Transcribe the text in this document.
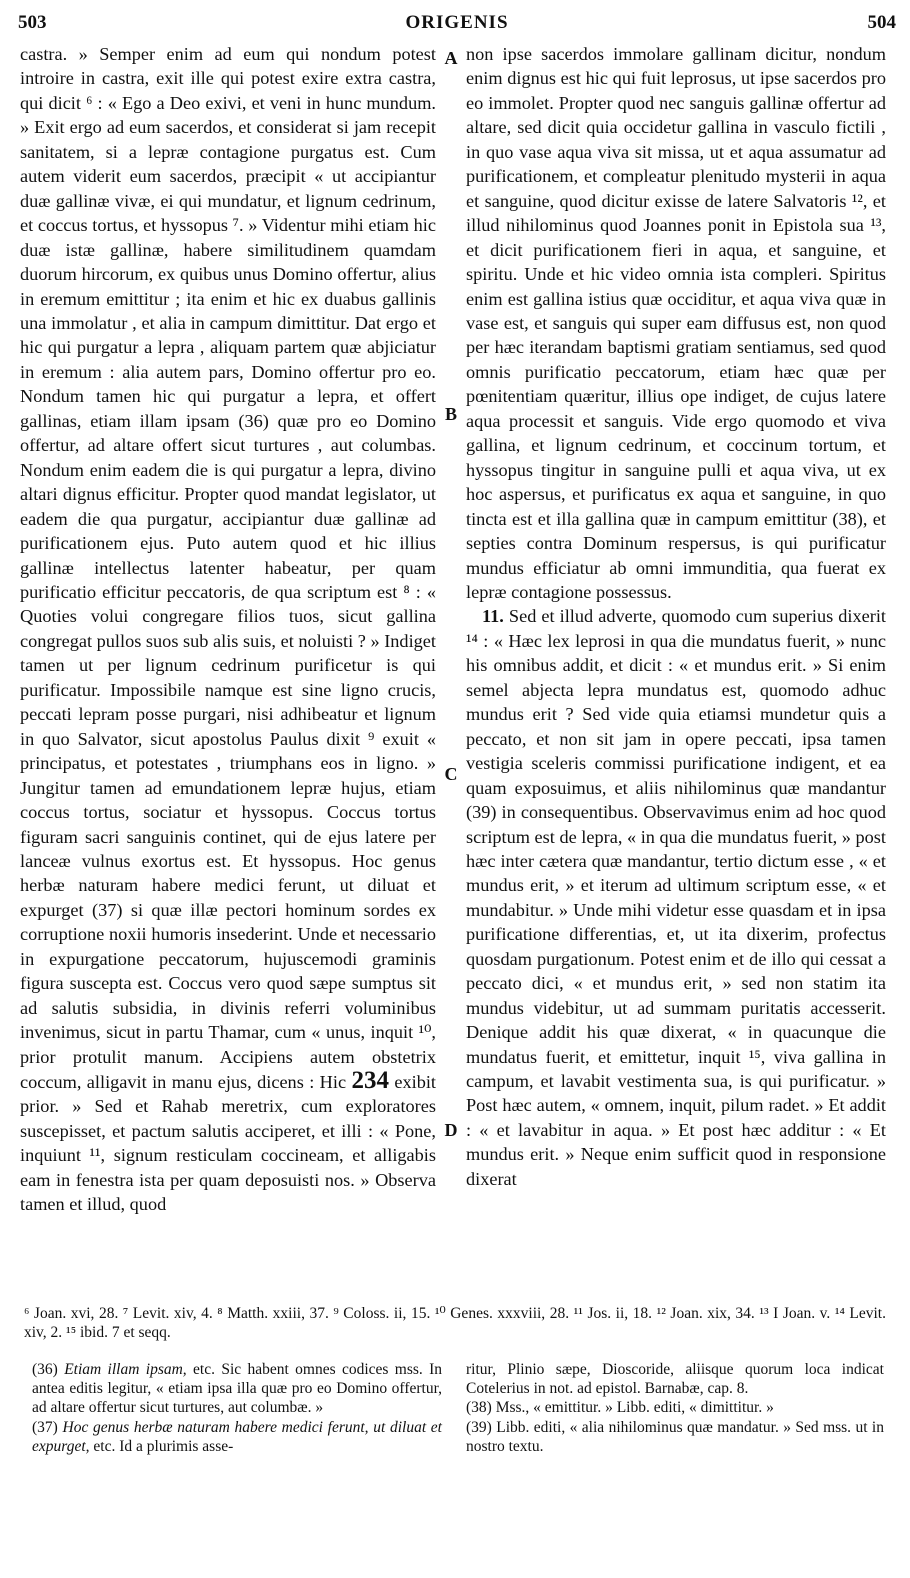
503	ORIGENIS	504

castra. » Semper enim ad eum qui nondum potest introire in castra, exit ille qui potest exire extra castra, qui dicit ⁶ : « Ego a Deo exivi, et veni in hunc mundum. » Exit ergo ad eum sacerdos, et considerat si jam recepit sanitatem, si a lepræ contagione purgatus est. Cum autem viderit eum sacerdos, præcipit « ut accipiantur duæ gallinæ vivæ, ei qui mundatur, et lignum cedrinum, et coccus tortus, et hyssopus ⁷. » Videntur mihi etiam hic duæ istæ gallinæ, habere similitudinem quamdam duorum hircorum, ex quibus unus Domino offertur, alius in eremum emittitur ; ita enim et hic ex duabus gallinis una immolatur , et alia in campum dimittitur. Dat ergo et hic qui purgatur a lepra , aliquam partem quæ abjiciatur in eremum : alia autem pars, Domino offertur pro eo. Nondum tamen hic qui purgatur a lepra, et offert gallinas, etiam illam ipsam (36) quæ pro eo Domino offertur, ad altare offert sicut turtures , aut columbas. Nondum enim eadem die is qui purgatur a lepra, divino altari dignus efficitur. Propter quod mandat legislator, ut eadem die qua purgatur, accipiantur duæ gallinæ ad purificationem ejus. Puto autem quod et hic illius gallinæ intellectus latenter habeatur, per quam purificatio efficitur peccatoris, de qua scriptum est ⁸ : « Quoties volui congregare filios tuos, sicut gallina congregat pullos suos sub alis suis, et noluisti ? » Indiget tamen ut per lignum cedrinum purificetur is qui purificatur. Impossibile namque est sine ligno crucis, peccati lepram posse purgari, nisi adhibeatur et lignum in quo Salvator, sicut apostolus Paulus dixit ⁹ exuit « principatus, et potestates , triumphans eos in ligno. » Jungitur tamen ad emundationem lepræ hujus, etiam coccus tortus, sociatur et hyssopus. Coccus tortus figuram sacri sanguinis continet, qui de ejus latere per lanceæ vulnus exortus est. Et hyssopus. Hoc genus herbæ naturam habere medici ferunt, ut diluat et expurget (37) si quæ illæ pectori hominum sordes ex corruptione noxii humoris insederint. Unde et necessario in expurgatione peccatorum, hujuscemodi graminis figura suscepta est. Coccus vero quod sæpe sumptus sit ad salutis subsidia, in divinis referri voluminibus invenimus, sicut in partu Thamar, cum « unus, inquit ¹⁰, prior protulit manum. Accipiens autem obstetrix coccum, alligavit in manu ejus, dicens : Hic 234 exibit prior. » Sed et Rahab meretrix, cum exploratores suscepisset, et pactum salutis acciperet, et illi : « Pone, inquiunt ¹¹, signum resticulam coccineam, et alligabis eam in fenestra ista per quam deposuisti nos. » Observa tamen et illud, quod

A
B
C
D

non ipse sacerdos immolare gallinam dicitur, nondum enim dignus est hic qui fuit leprosus, ut ipse sacerdos pro eo immolet. Propter quod nec sanguis gallinæ offertur ad altare, sed dicit quia occidetur gallina in vasculo fictili , in quo vase aqua viva sit missa, ut et aqua assumatur ad purificationem, et compleatur plenitudo mysterii in aqua et sanguine, quod dicitur exisse de latere Salvatoris ¹², et illud nihilominus quod Joannes ponit in Epistola sua ¹³, et dicit purificationem fieri in aqua, et sanguine, et spiritu. Unde et hic video omnia ista compleri. Spiritus enim est gallina istius quæ occiditur, et aqua viva quæ in vase est, et sanguis qui super eam diffusus est, non quod per hæc iterandam baptismi gratiam sentiamus, sed quod omnis purificatio peccatorum, etiam hæc quæ per pœnitentiam quæritur, illius ope indiget, de cujus latere aqua processit et sanguis. Vide ergo quomodo et viva gallina, et lignum cedrinum, et coccinum tortum, et hyssopus tingitur in sanguine pulli et aqua viva, ut ex hoc aspersus, et purificatus ex aqua et sanguine, in quo tincta est et illa gallina quæ in campum emittitur (38), et septies contra Dominum respersus, is qui purificatur mundus efficiatur ab omni immunditia, qua fuerat ex lepræ contagione possessus.

11. Sed et illud adverte, quomodo cum superius dixerit ¹⁴ : « Hæc lex leprosi in qua die mundatus fuerit, » nunc his omnibus addit, et dicit : « et mundus erit. » Si enim semel abjecta lepra mundatus est, quomodo adhuc mundus erit ? Sed vide quia etiamsi mundetur quis a peccato, et non sit jam in opere peccati, ipsa tamen vestigia sceleris commissi purificatione indigent, et ea quam exposuimus, et aliis nihilominus quæ mandantur (39) in consequentibus. Observavimus enim ad hoc quod scriptum est de lepra, « in qua die mundatus fuerit, » post hæc inter cætera quæ mandantur, tertio dictum esse , « et mundus erit, » et iterum ad ultimum scriptum esse, « et mundabitur. » Unde mihi videtur esse quasdam et in ipsa purificatione differentias, et, ut ita dixerim, profectus quosdam purgationum. Potest enim et de illo qui cessat a peccato dici, « et mundus erit, » sed non statim ita mundus videbitur, ut ad summam puritatis accesserit. Denique addit his quæ dixerat, « in quacunque die mundatus fuerit, et emittetur, inquit ¹⁵, viva gallina in campum, et lavabit vestimenta sua, is qui purificatur. » Post hæc autem, « omnem, inquit, pilum radet. » Et addit : « et lavabitur in aqua. » Et post hæc additur : « Et mundus erit. » Neque enim sufficit quod in responsione dixerat

⁶ Joan. xvi, 28. ⁷ Levit. xiv, 4. ⁸ Matth. xxiii, 37. ⁹ Coloss. ii, 15. ¹⁰ Genes. xxxviii, 28. ¹¹ Jos. ii, 18. ¹² Joan. xix, 34. ¹³ I Joan. v. ¹⁴ Levit. xiv, 2. ¹⁵ ibid. 7 et seqq.

(36) Etiam illam ipsam, etc. Sic habent omnes codices mss. In antea editis legitur, « etiam ipsa illa quæ pro eo Domino offertur, ad altare offertur sicut turtures, aut columbæ. »

(37) Hoc genus herbæ naturam habere medici ferunt, ut diluat et expurget, etc. Id a plurimis asse-

ritur, Plinio sæpe, Dioscoride, aliisque quorum loca indicat Cotelerius in not. ad epistol. Barnabæ, cap. 8.

(38) Mss., « emittitur. » Libb. editi, « dimittitur. »

(39) Libb. editi, « alia nihilominus quæ mandatur. » Sed mss. ut in nostro textu.
